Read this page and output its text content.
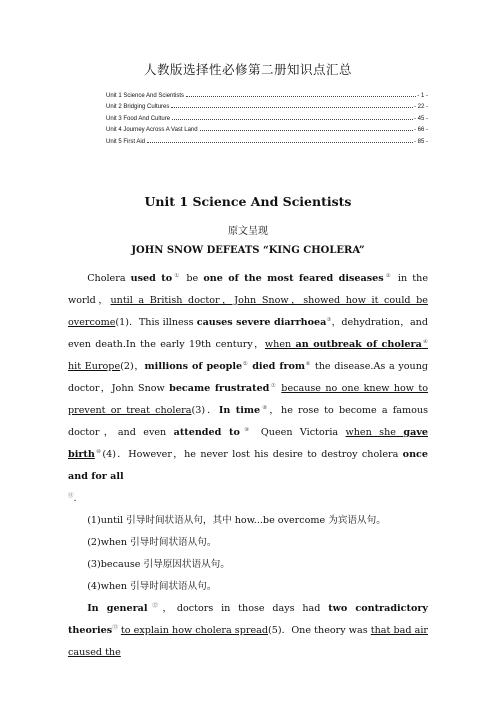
人教版选择性必修第二册知识点汇总
Unit 1 Science And Scientists	- 1 -
Unit 2 Bridging Cultures	- 22 -
Unit 3 Food And Culture	- 45 -
Unit 4 Journey Across A Vast Land	- 66 -
Unit 5 First Aid	- 85 -
Unit 1 Science And Scientists
原文呈现
JOHN SNOW DEFEATS “KING CHOLERA”

Cholera used to① be one of the most feared diseases② in the world，until a British doctor，John Snow，showed how it could be overcome(1)．This illness causes severe diarrhoea③，dehydration，and even death.In the early 19th century，when an outbreak of cholera④ hit Europe(2)，millions of people⑤ died from⑥ the disease.As a young doctor，John Snow became frustrated⑦ because no one knew how to prevent or treat cholera(3)．In time⑧，he rose to become a famous doctor，and even attended to⑨ Queen Victoria when she gave birth⑩(4)．However，he never lost his desire to destroy cholera once and for all
⑪.

(1)until 引导时间状语从句，其中 how...be overcome 为宾语从句。

(2)when 引导时间状语从句。

(3)because 引导原因状语从句。

(4)when 引导时间状语从句。

In general⑫，doctors in those days had two contradictory theories⑬ to explain how cholera spread(5)．One theory was that bad air caused the
